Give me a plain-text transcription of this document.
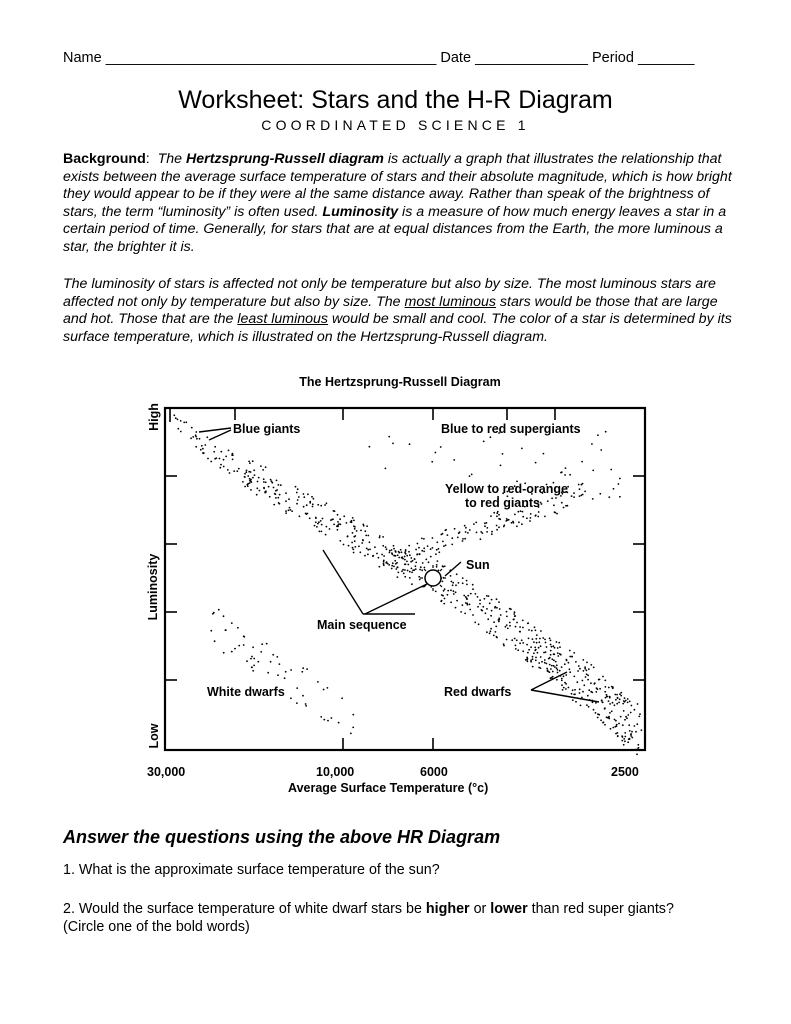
Name _________________________________________ Date ______________ Period _______
Worksheet: Stars and the H-R Diagram
COORDINATED SCIENCE 1
Background: The Hertzsprung-Russell diagram is actually a graph that illustrates the relationship that exists between the average surface temperature of stars and their absolute magnitude, which is how bright they would appear to be if they were al the same distance away. Rather than speak of the brightness of stars, the term “luminosity” is often used. Luminosity is a measure of how much energy leaves a star in a certain period of time. Generally, for stars that are at equal distances from the Earth, the more luminous a star, the brighter it is.
The luminosity of stars is affected not only be temperature but also by size. The most luminous stars are affected not only by temperature but also by size. The most luminous stars would be those that are large and hot. Those that are the least luminous would be small and cool. The color of a star is determined by its surface temperature, which is illustrated on the Hertzsprung-Russell diagram.
The Hertzsprung-Russell Diagram
High
Luminosity
Low
Blue giants	Blue to red supergiants
Yellow to red-orange
to red giants
Sun
Main sequence
White dwarfs	Red dwarfs
30,000	10,000	6000	2500
Average Surface Temperature (°c)
Answer the questions using the above HR Diagram
1. What is the approximate surface temperature of the sun?
2. Would the surface temperature of white dwarf stars be higher or lower than red super giants? (Circle one of the bold words)
